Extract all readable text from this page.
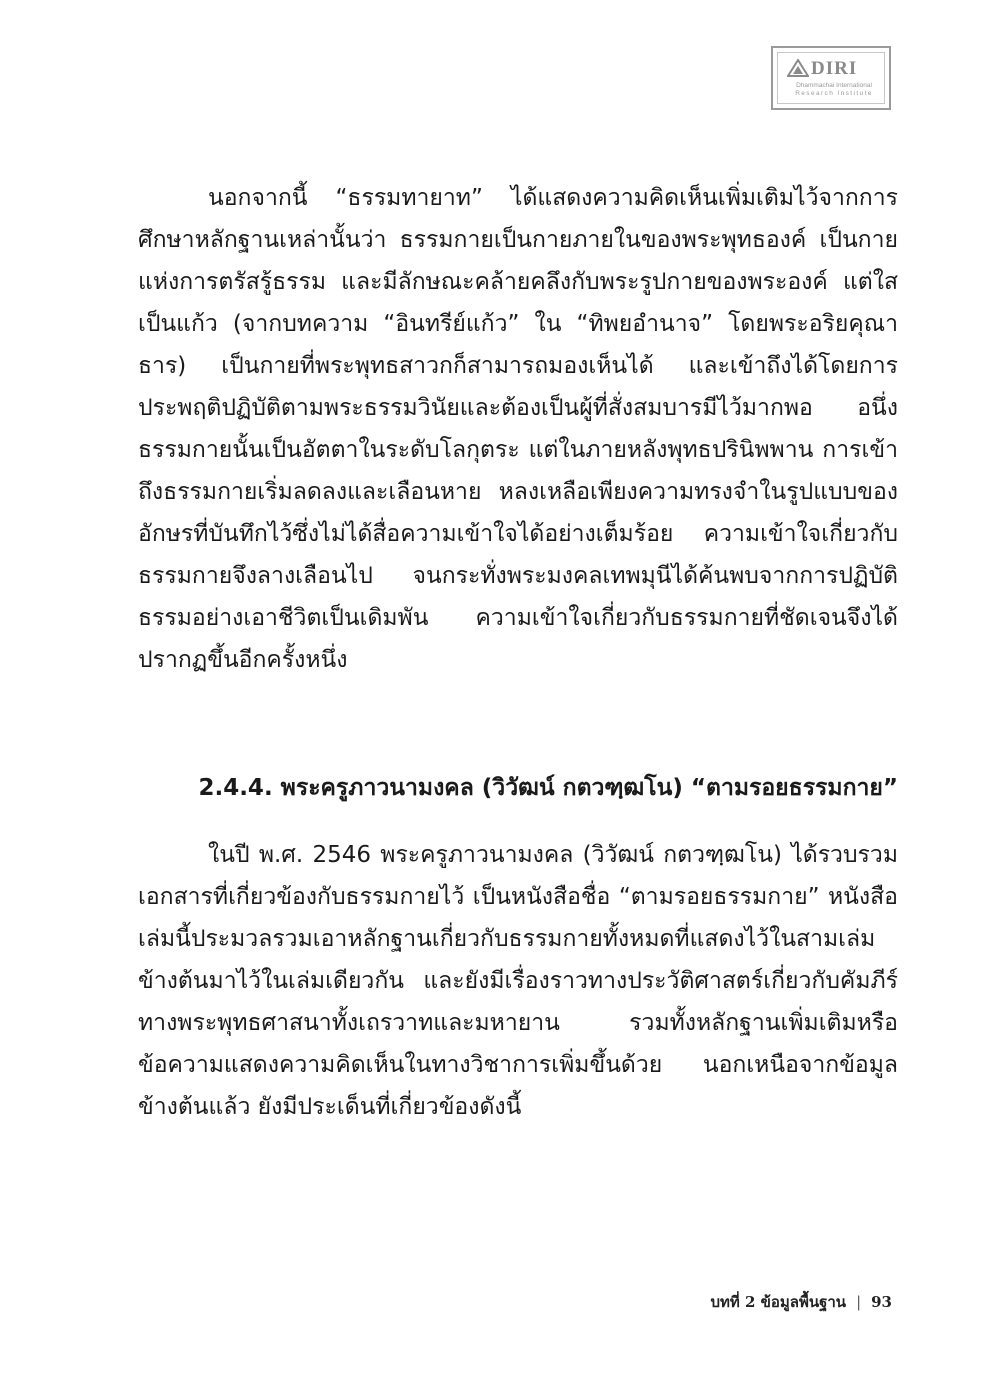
DIRI
Dhammachai International
Research Institute

นอกจากนี้ “ธรรมทายาท” ได้แสดงความคิดเห็นเพิ่มเติมไว้จากการศึกษาหลักฐานเหล่านั้นว่า ธรรมกายเป็นกายภายในของพระพุทธองค์ เป็นกายแห่งการตรัสรู้ธรรม และมีลักษณะคล้ายคลึงกับพระรูปกายของพระองค์ แต่ใสเป็นแก้ว (จากบทความ “อินทรีย์แก้ว” ใน “ทิพยอำนาจ” โดยพระอริยคุณาธาร) เป็นกายที่พระพุทธสาวกก็สามารถมองเห็นได้ และเข้าถึงได้โดยการประพฤติปฏิบัติตามพระธรรมวินัยและต้องเป็นผู้ที่สั่งสมบารมีไว้มากพอ อนึ่ง ธรรมกายนั้นเป็นอัตตาในระดับโลกุตระ แต่ในภายหลังพุทธปรินิพพาน การเข้าถึงธรรมกายเริ่มลดลงและเลือนหาย หลงเหลือเพียงความทรงจำในรูปแบบของอักษรที่บันทึกไว้ซึ่งไม่ได้สื่อความเข้าใจได้อย่างเต็มร้อย ความเข้าใจเกี่ยวกับธรรมกายจึงลางเลือนไป จนกระทั่งพระมงคลเทพมุนีได้ค้นพบจากการปฏิบัติธรรมอย่างเอาชีวิตเป็นเดิมพัน ความเข้าใจเกี่ยวกับธรรมกายที่ชัดเจนจึงได้ปรากฏขึ้นอีกครั้งหนึ่ง

2.4.4. พระครูภาวนามงคล (วิวัฒน์ กตวฑฺฒโน) “ตามรอยธรรมกาย”

ในปี พ.ศ. 2546 พระครูภาวนามงคล (วิวัฒน์ กตวฑฺฒโน) ได้รวบรวมเอกสารที่เกี่ยวข้องกับธรรมกายไว้ เป็นหนังสือชื่อ “ตามรอยธรรมกาย” หนังสือเล่มนี้ประมวลรวมเอาหลักฐานเกี่ยวกับธรรมกายทั้งหมดที่แสดงไว้ในสามเล่มข้างต้นมาไว้ในเล่มเดียวกัน และยังมีเรื่องราวทางประวัติศาสตร์เกี่ยวกับคัมภีร์ทางพระพุทธศาสนาทั้งเถรวาทและมหายาน รวมทั้งหลักฐานเพิ่มเติมหรือข้อความแสดงความคิดเห็นในทางวิชาการเพิ่มขึ้นด้วย นอกเหนือจากข้อมูลข้างต้นแล้ว ยังมีประเด็นที่เกี่ยวข้องดังนี้

บทที่ 2 ข้อมูลพื้นฐาน | 93
